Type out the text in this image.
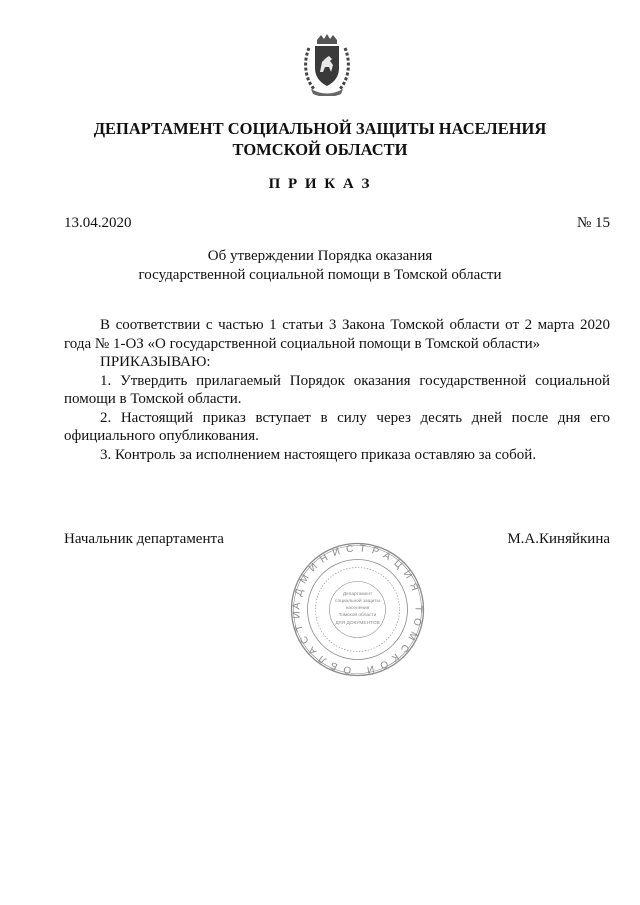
ДЕПАРТАМЕНТ СОЦИАЛЬНОЙ ЗАЩИТЫ НАСЕЛЕНИЯ
ТОМСКОЙ ОБЛАСТИ
П Р И К А З
13.04.2020	№ 15
Об утверждении Порядка оказания
государственной социальной помощи в Томской области

В соответствии с частью 1 статьи 3 Закона Томской области от 2 марта 2020 года № 1-ОЗ «О государственной социальной помощи в Томской области»

ПРИКАЗЫВАЮ:

1. Утвердить прилагаемый Порядок оказания государственной социальной помощи в Томской области.

2. Настоящий приказ вступает в силу через десять дней после дня его официального опубликования.

3. Контроль за исполнением настоящего приказа оставляю за собой.

Начальник департамента	М.А.Киняйкина
АДМИНИСТРАЦИЯ ТОМСКОЙ ОБЛАСТИ
Департамент
социальной защиты
населения
Томской области
ДЛЯ ДОКУМЕНТОВ
